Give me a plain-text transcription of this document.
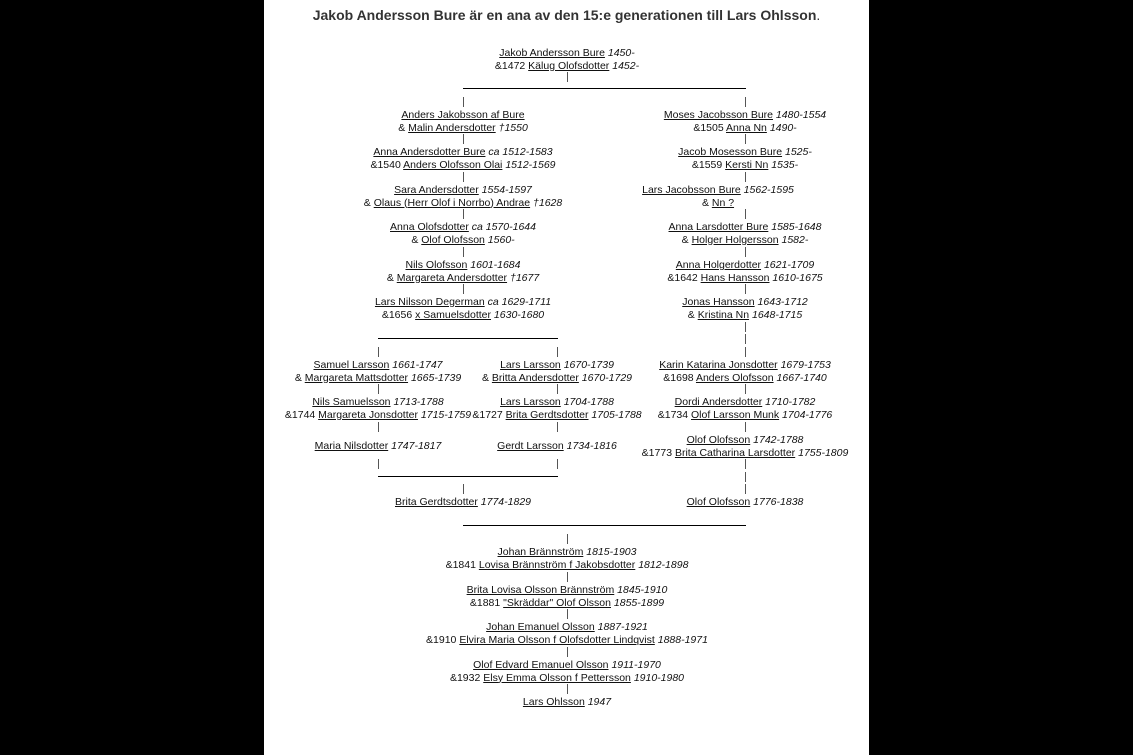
Jakob Andersson Bure är en ana av den 15:e generationen till Lars Ohlsson.
Jakob Andersson Bure 1450-
&1472 Kälug Olofsdotter 1452-
Anders Jakobsson af Bure
& Malin Andersdotter †1550
Anna Andersdotter Bure ca 1512-1583
&1540 Anders Olofsson Olai 1512-1569
Sara Andersdotter 1554-1597
& Olaus (Herr Olof i Norrbo) Andrae †1628
Anna Olofsdotter ca 1570-1644
& Olof Olofsson 1560-
Nils Olofsson 1601-1684
& Margareta Andersdotter †1677
Lars Nilsson Degerman ca 1629-1711
&1656 x Samuelsdotter 1630-1680
Moses Jacobsson Bure 1480-1554
&1505 Anna Nn 1490-
Jacob Mosesson Bure 1525-
&1559 Kersti Nn 1535-
Lars Jacobsson Bure 1562-1595
& Nn ?
Anna Larsdotter Bure 1585-1648
& Holger Holgersson 1582-
Anna Holgerdotter 1621-1709
&1642 Hans Hansson 1610-1675
Jonas Hansson 1643-1712
& Kristina Nn 1648-1715
Samuel Larsson 1661-1747
& Margareta Mattsdotter 1665-1739
Nils Samuelsson 1713-1788
&1744 Margareta Jonsdotter 1715-1759
Maria Nilsdotter 1747-1817
Lars Larsson 1670-1739
& Britta Andersdotter 1670-1729
Lars Larsson 1704-1788
&1727 Brita Gerdtsdotter 1705-1788
Gerdt Larsson 1734-1816
Karin Katarina Jonsdotter 1679-1753
&1698 Anders Olofsson 1667-1740
Dordi Andersdotter 1710-1782
&1734 Olof Larsson Munk 1704-1776
Olof Olofsson 1742-1788
&1773 Brita Catharina Larsdotter 1755-1809
Brita Gerdtsdotter 1774-1829	Olof Olofsson 1776-1838
Johan Brännström 1815-1903
&1841 Lovisa Brännström f Jakobsdotter 1812-1898
Brita Lovisa Olsson Brännström 1845-1910
&1881 "Skräddar" Olof Olsson 1855-1899
Johan Emanuel Olsson 1887-1921
&1910 Elvira Maria Olsson f Olofsdotter Lindqvist 1888-1971
Olof Edvard Emanuel Olsson 1911-1970
&1932 Elsy Emma Olsson f Pettersson 1910-1980
Lars Ohlsson 1947
